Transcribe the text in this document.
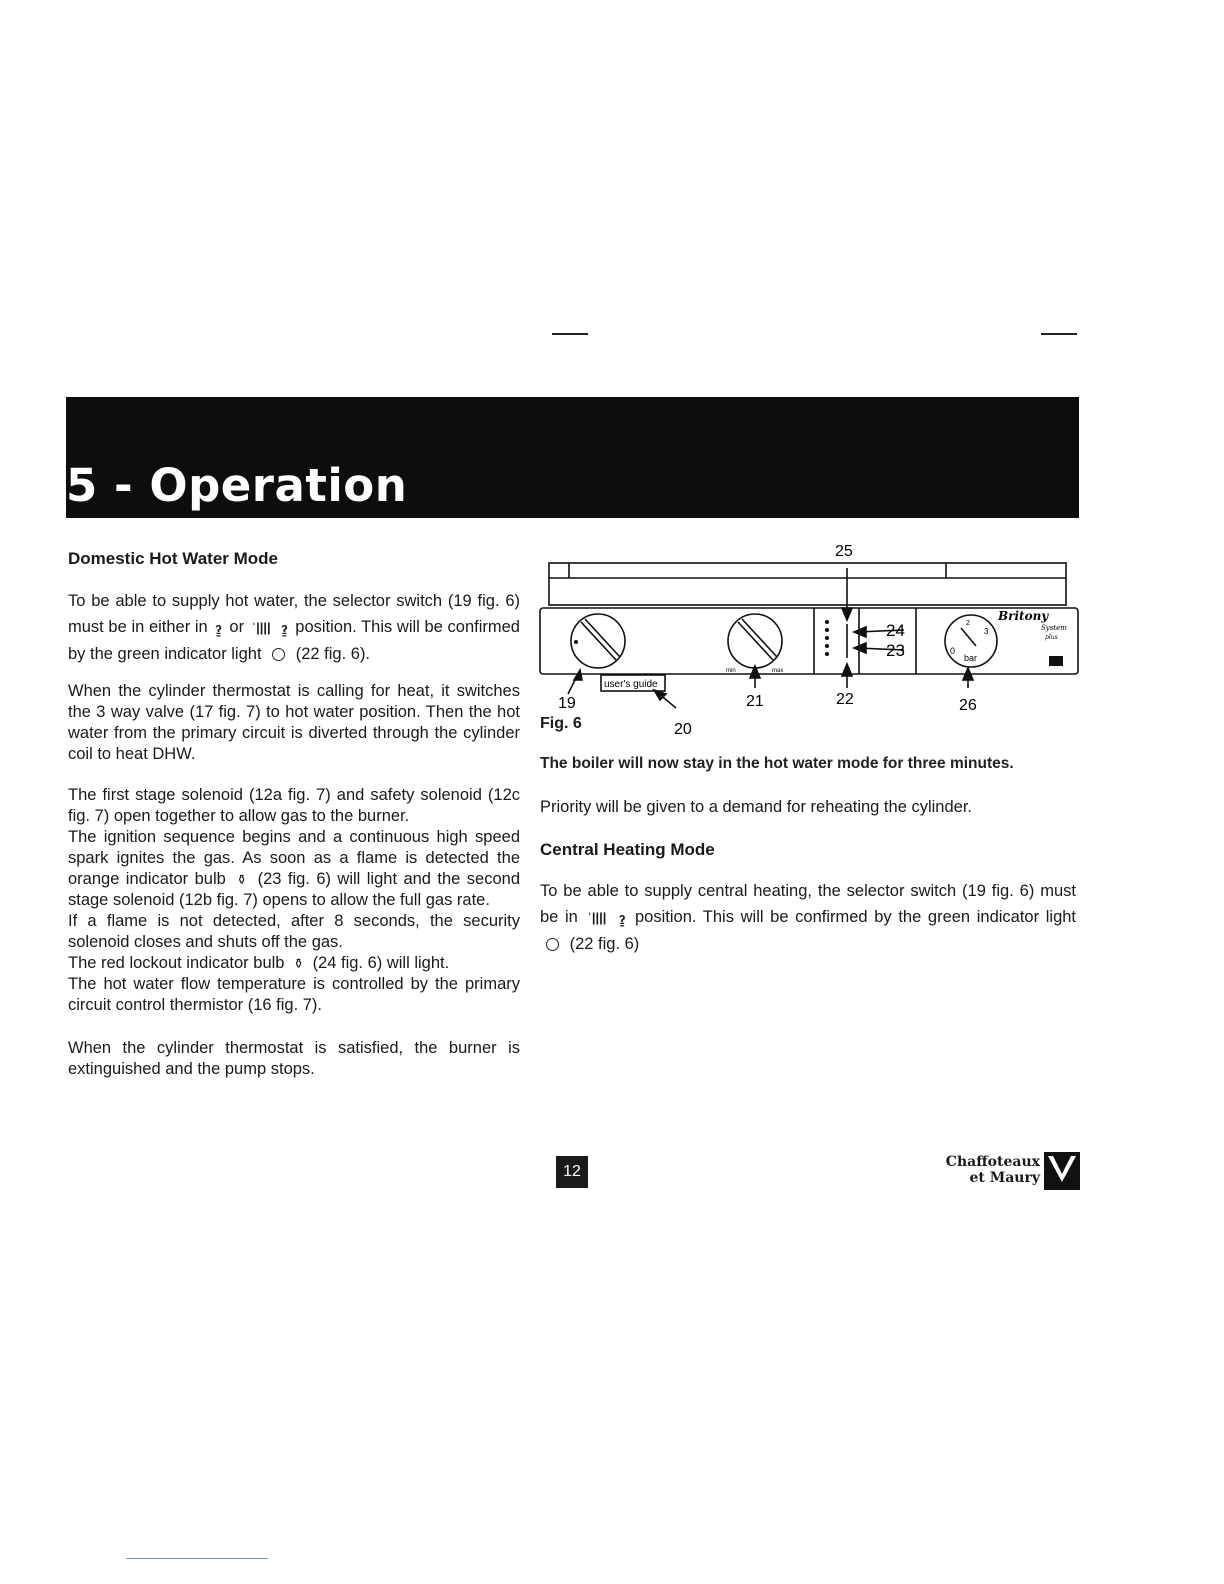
5 - Operation
Domestic Hot Water Mode

To be able to supply hot water, the selector switch (19 fig. 6) must be in either in ɂ̳ or ˈ|||| ɂ̳ position. This will be confirmed by the green indicator light (22 fig. 6).

When the cylinder thermostat is calling for heat, it switches the 3 way valve (17 fig. 7) to hot water position. Then the hot water from the primary circuit is diverted through the cylinder coil to heat DHW.

The first stage solenoid (12a fig. 7) and safety solenoid (12c fig. 7) open together to allow gas to the burner.

The ignition sequence begins and a continuous high speed spark ignites the gas. As soon as a flame is detected the orange indicator bulb ⚱ (23 fig. 6) will light and the second stage solenoid (12b fig. 7) opens to allow the full gas rate.

If a flame is not detected, after 8 seconds, the security solenoid closes and shuts off the gas.

The red lockout indicator bulb ⚱ (24 fig. 6) will light.

The hot water flow temperature is controlled by the primary circuit control thermistor (16 fig. 7).

When the cylinder thermostat is satisfied, the burner is extinguished and the pump stops.

25
24
23
19	21	22	26
20
user's guide
min	max
bar
0
2
3
Britony
System
plus
Fig. 6
The boiler will now stay in the hot water mode for three minutes.

Priority will be given to a demand for reheating the cylinder.

Central Heating Mode

To be able to supply central heating, the selector switch (19 fig. 6) must be in ˈ|||| ɂ̳ position. This will be confirmed by the green indicator light  (22 fig. 6)

12
Chaffoteaux
et Maury
